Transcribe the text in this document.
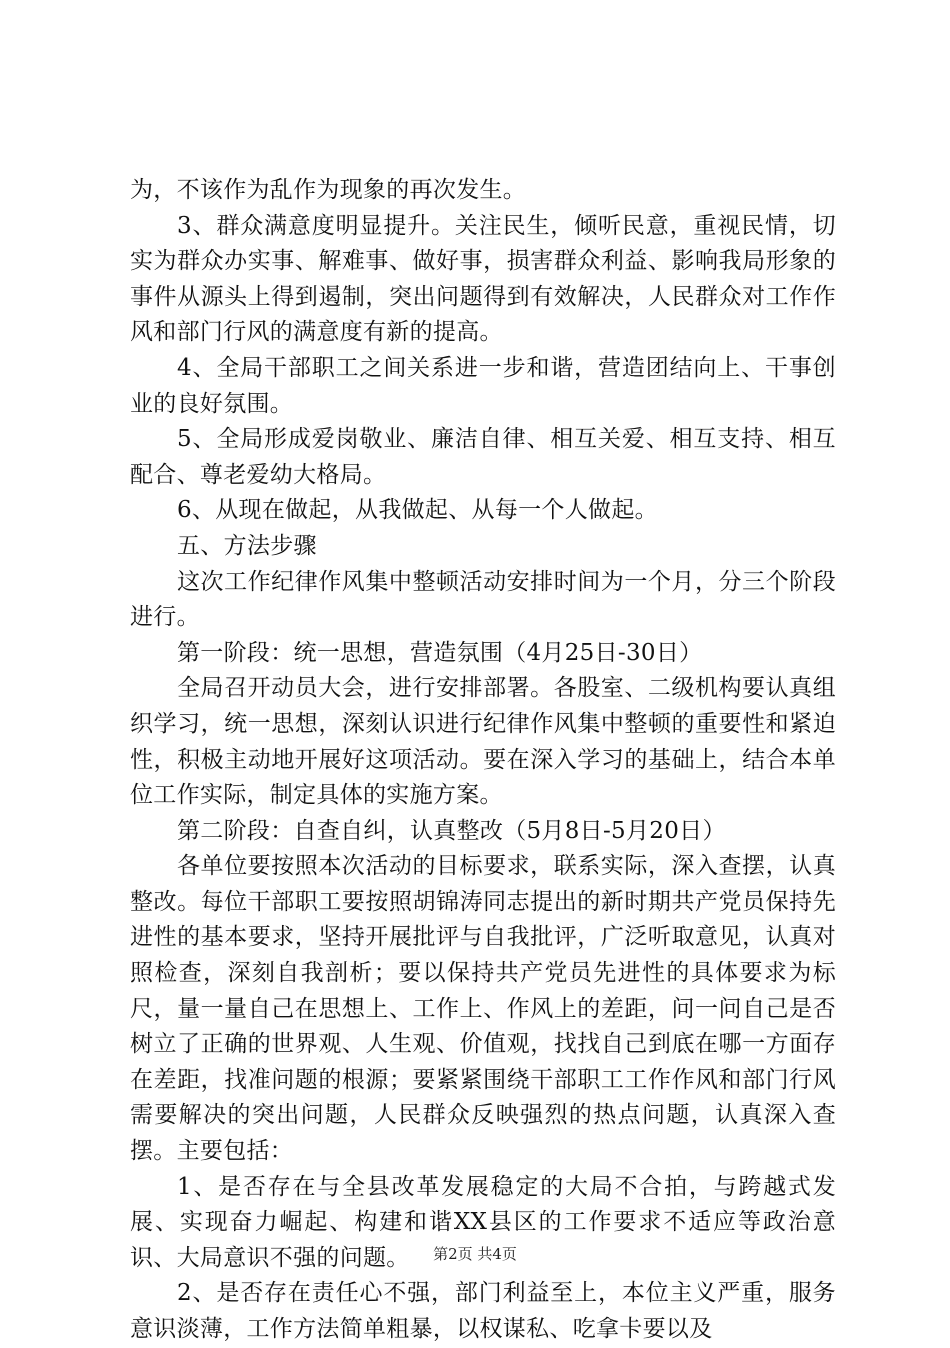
为，不该作为乱作为现象的再次发生。

3、群众满意度明显提升。关注民生，倾听民意，重视民情，切实为群众办实事、解难事、做好事，损害群众利益、影响我局形象的事件从源头上得到遏制，突出问题得到有效解决，人民群众对工作作风和部门行风的满意度有新的提高。

4、全局干部职工之间关系进一步和谐，营造团结向上、干事创业的良好氛围。

5、全局形成爱岗敬业、廉洁自律、相互关爱、相互支持、相互配合、尊老爱幼大格局。

6、从现在做起，从我做起、从每一个人做起。

五、方法步骤

这次工作纪律作风集中整顿活动安排时间为一个月，分三个阶段进行。

第一阶段：统一思想，营造氛围（4月25日-30日）

全局召开动员大会，进行安排部署。各股室、二级机构要认真组织学习，统一思想，深刻认识进行纪律作风集中整顿的重要性和紧迫性，积极主动地开展好这项活动。要在深入学习的基础上，结合本单位工作实际，制定具体的实施方案。

第二阶段：自查自纠，认真整改（5月8日-5月20日）

各单位要按照本次活动的目标要求，联系实际，深入查摆，认真整改。每位干部职工要按照胡锦涛同志提出的新时期共产党员保持先进性的基本要求，坚持开展批评与自我批评，广泛听取意见，认真对照检查，深刻自我剖析；要以保持共产党员先进性的具体要求为标尺，量一量自己在思想上、工作上、作风上的差距，问一问自己是否树立了正确的世界观、人生观、价值观，找找自己到底在哪一方面存在差距，找准问题的根源；要紧紧围绕干部职工工作作风和部门行风需要解决的突出问题，人民群众反映强烈的热点问题，认真深入查摆。主要包括：

1、是否存在与全县改革发展稳定的大局不合拍，与跨越式发展、实现奋力崛起、构建和谐XX县区的工作要求不适应等政治意识、大局意识不强的问题。

2、是否存在责任心不强，部门利益至上，本位主义严重，服务意识淡薄，工作方法简单粗暴，以权谋私、吃拿卡要以及

第2页 共4页
